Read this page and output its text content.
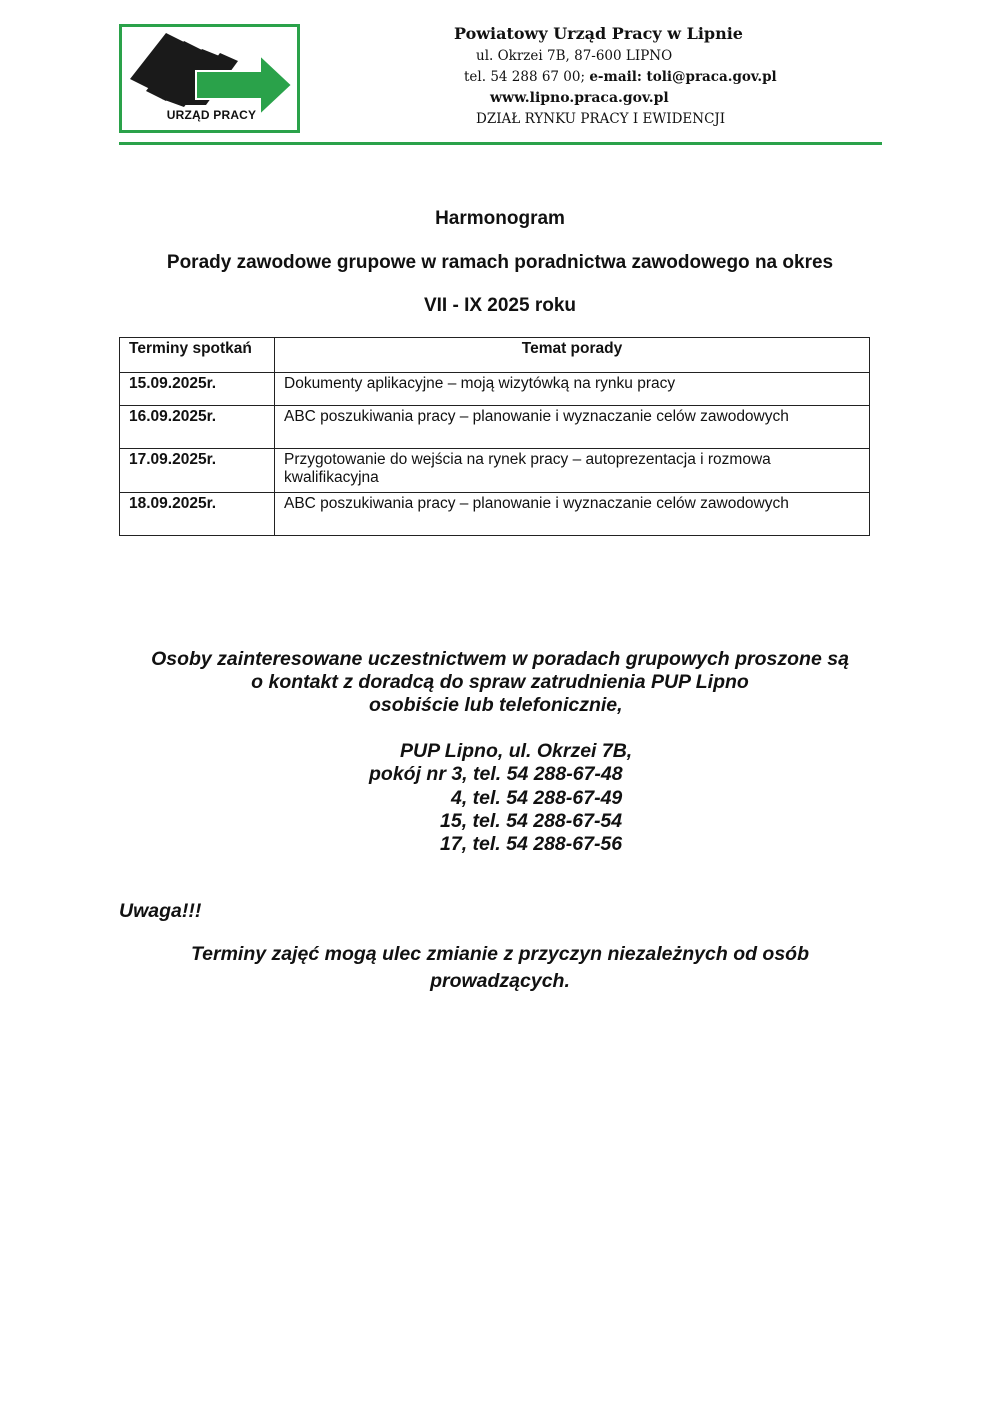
URZĄD PRACY
Powiatowy Urząd Pracy w Lipnie
ul. Okrzei 7B, 87-600 LIPNO
tel. 54 288 67 00; e-mail: toli@praca.gov.pl
www.lipno.praca.gov.pl
DZIAŁ RYNKU PRACY I EWIDENCJI
Harmonogram
Porady zawodowe grupowe w ramach poradnictwa zawodowego na okres
VII - IX 2025 roku
Terminy spotkań	Temat porady
15.09.2025r.	Dokumenty aplikacyjne – moją wizytówką na rynku pracy
16.09.2025r.	ABC poszukiwania pracy – planowanie i wyznaczanie celów zawodowych
17.09.2025r.	Przygotowanie do wejścia na rynek pracy – autoprezentacja i rozmowa kwalifikacyjna
18.09.2025r.	ABC poszukiwania pracy – planowanie i wyznaczanie celów zawodowych
Osoby zainteresowane uczestnictwem w poradach grupowych proszone są
o kontakt z doradcą do spraw zatrudnienia PUP Lipno
osobiście lub telefonicznie,
PUP Lipno, ul. Okrzei 7B,
pokój nr 3, tel. 54 288-67-48
4, tel. 54 288-67-49
15, tel. 54 288-67-54
17, tel. 54 288-67-56
Uwaga!!!
Terminy zajęć mogą ulec zmianie z przyczyn niezależnych od osób
prowadzących.
